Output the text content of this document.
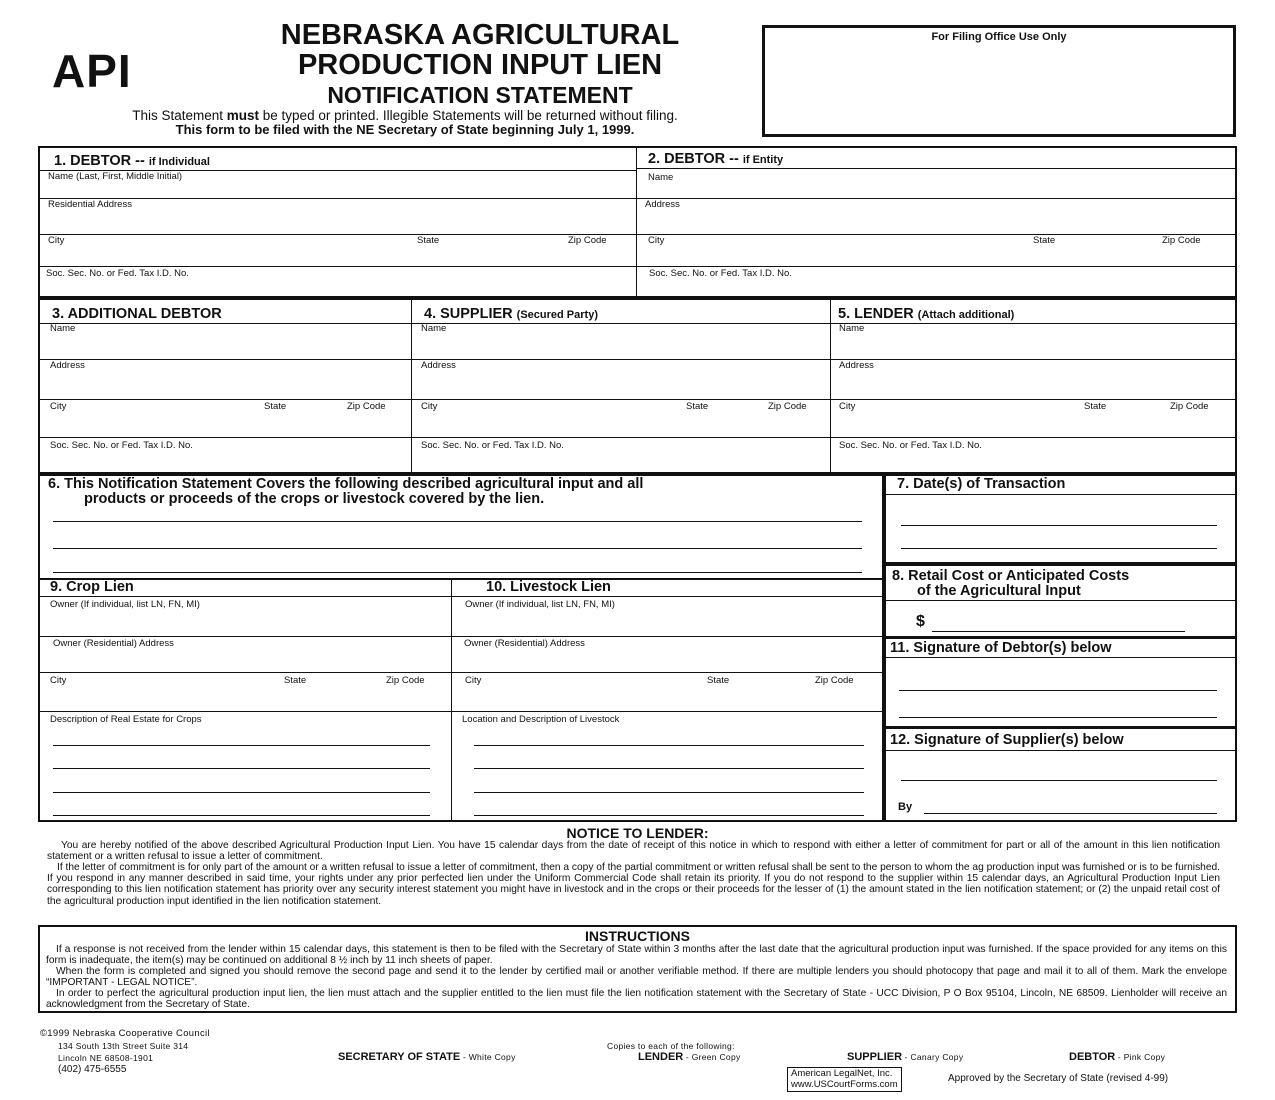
API
NEBRASKA AGRICULTURAL
PRODUCTION INPUT LIEN
NOTIFICATION STATEMENT
This Statement must be typed or printed. Illegible Statements will be returned without filing.
This form to be filed with the NE Secretary of State beginning July 1, 1999.
For Filing Office Use Only
1. DEBTOR -- if Individual	2. DEBTOR -- if Entity
Name (Last, First, Middle Initial)	Name
Residential Address	Address
City	State	Zip Code	City	State	Zip Code
Soc. Sec. No. or Fed. Tax I.D. No.	Soc. Sec. No. or Fed. Tax I.D. No.
3. ADDITIONAL DEBTOR	4. SUPPLIER (Secured Party)	5. LENDER (Attach additional)
Name	Name	Name
Address	Address	Address
City	State	Zip Code	City	State	Zip Code	City	State	Zip Code
Soc. Sec. No. or Fed. Tax I.D. No.	Soc. Sec. No. or Fed. Tax I.D. No.	Soc. Sec. No. or Fed. Tax I.D. No.
6. This Notification Statement Covers the following described agricultural input and all
products or proceeds of the crops or livestock covered by the lien.
7. Date(s) of Transaction
8. Retail Cost or Anticipated Costs
of the Agricultural Input
$
9. Crop Lien	10. Livestock Lien
Owner (If individual, list LN, FN, MI)	Owner (If individual, list LN, FN, MI)
Owner (Residential) Address	Owner (Residential) Address
City	State	Zip Code	City	State	Zip Code
Description of Real Estate for Crops	Location and Description of Livestock
11. Signature of Debtor(s) below
12. Signature of Supplier(s) below
By
NOTICE TO LENDER:
You are hereby notified of the above described Agricultural Production Input Lien. You have 15 calendar days from the date of receipt of this notice in which to respond with either a letter of commitment for part or all of the amount in this lien notification statement or a written refusal to issue a letter of commitment.
If the letter of commitment is for only part of the amount or a written refusal to issue a letter of commitment, then a copy of the partial commitment or written refusal shall be sent to the person to whom the ag production input was furnished or is to be furnished. If you respond in any manner described in said time, your rights under any prior perfected lien under the Uniform Commercial Code shall retain its priority. If you do not respond to the supplier within 15 calendar days, an Agricultural Production Input Lien corresponding to this lien notification statement has priority over any security interest statement you might have in livestock and in the crops or their proceeds for the lesser of (1) the amount stated in the lien notification statement; or (2) the unpaid retail cost of the agricultural production input identified in the lien notification statement.
INSTRUCTIONS
If a response is not received from the lender within 15 calendar days, this statement is then to be filed with the Secretary of State within 3 months after the last date that the agricultural production input was furnished. If the space provided for any items on this form is inadequate, the item(s) may be continued on additional 8 ½ inch by 11 inch sheets of paper.
When the form is completed and signed you should remove the second page and send it to the lender by certified mail or another verifiable method. If there are multiple lenders you should photocopy that page and mail it to all of them. Mark the envelope “IMPORTANT - LEGAL NOTICE”.
In order to perfect the agricultural production input lien, the lien must attach and the supplier entitled to the lien must file the lien notification statement with the Secretary of State - UCC Division, P O Box 95104, Lincoln, NE 68509. Lienholder will receive an acknowledgment from the Secretary of State.
©1999 Nebraska Cooperative Council
134 South 13th Street Suite 314
Lincoln NE 68508-1901
(402) 475-6555
Copies to each of the following:
SECRETARY OF STATE - White Copy	LENDER - Green Copy	SUPPLIER - Canary Copy	DEBTOR - Pink Copy
American LegalNet, Inc.
www.USCourtForms.com	Approved by the Secretary of State (revised 4-99)
